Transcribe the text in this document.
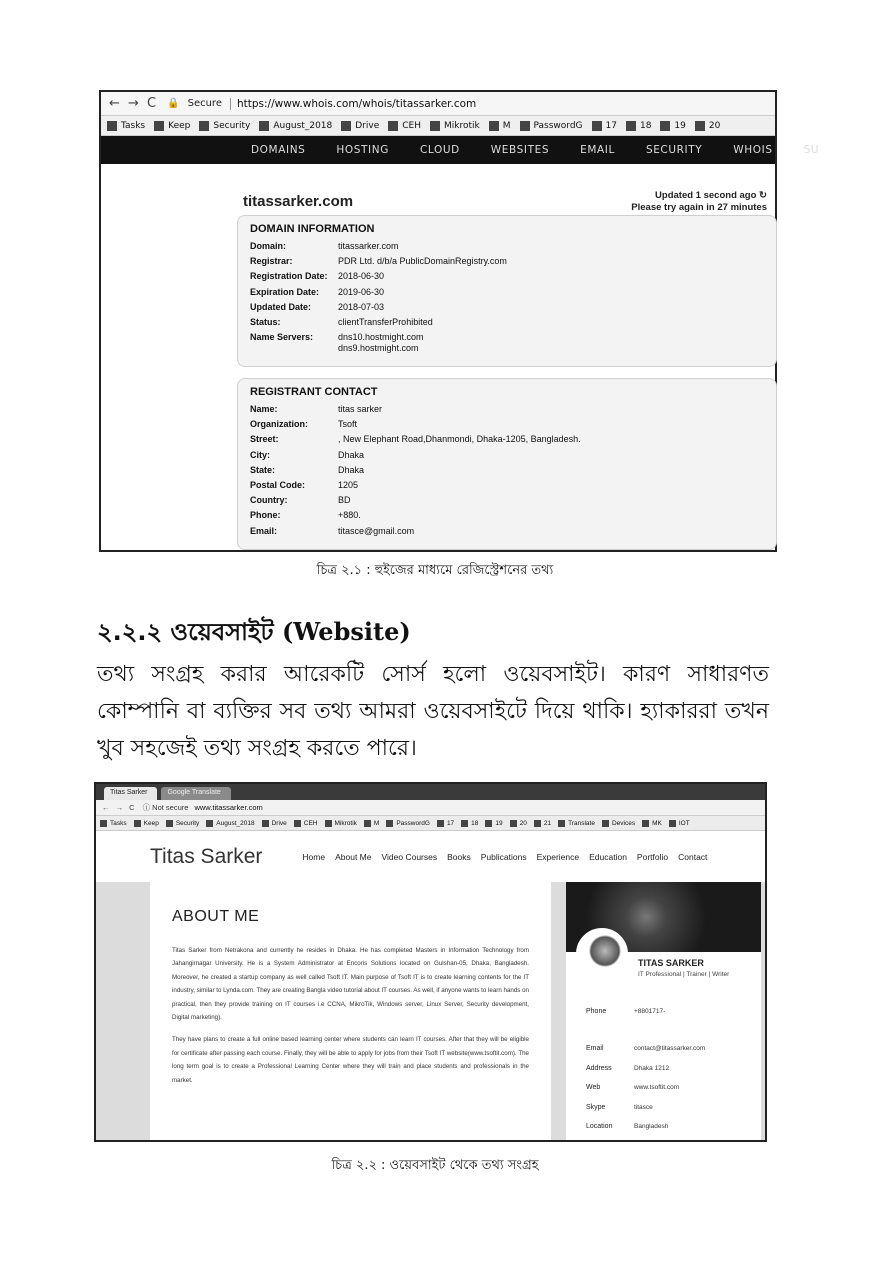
← → C 🔒 Secure	https://www.whois.com/whois/titassarker.com
Tasks	Keep	Security	August_2018	Drive	CEH	Mikrotik	M	PasswordG	17	18	19	20
DOMAINS	HOSTING	CLOUD	WEBSITES	EMAIL	SECURITY	WHOIS	SU
titassarker.com	Updated 1 second ago ↻
Please try again in 27 minutes
DOMAIN INFORMATION
Domain:	titassarker.com
Registrar:	PDR Ltd. d/b/a PublicDomainRegistry.com
Registration Date:	2018-06-30
Expiration Date:	2019-06-30
Updated Date:	2018-07-03
Status:	clientTransferProhibited
Name Servers:	dns10.hostmight.com
dns9.hostmight.com
REGISTRANT CONTACT
Name:	titas sarker
Organization:	Tsoft
Street:	, New Elephant Road,Dhanmondi, Dhaka-1205, Bangladesh.
City:	Dhaka
State:	Dhaka
Postal Code:	1205
Country:	BD
Phone:	+880.
Email:	titasce@gmail.com
চিত্র ২.১ : হুইজের মাধ্যমে রেজিস্ট্রেশনের তথ্য
২.২.২ ওয়েবসাইট (Website)
তথ্য সংগ্রহ করার আরেকটি সোর্স হলো ওয়েবসাইট। কারণ সাধারণত কোম্পানি বা ব্যক্তির সব তথ্য আমরা ওয়েবসাইটে দিয়ে থাকি। হ্যাকাররা তখন খুব সহজেই তথ্য সংগ্রহ করতে পারে।
Titas Sarker	Google Translate
← → C ⓘ Not secure www.titassarker.com
Tasks	Keep	Security	August_2018	Drive	CEH	Mikrotik	M	PasswordG	17	18	19	20	21	Translate	Devices	MK	IOT
Titas Sarker	Home About Me Video Courses Books Publications Experience Education Portfolio Contact
ABOUT ME

Titas Sarker from Netrakona and currently he resides in Dhaka. He has completed Masters in Information Technology from Jahangirnagar University. He is a System Administrator at Encoris Solutions located on Gulshan-05, Dhaka, Bangladesh. Moreover, he created a startup company as well called Tsoft IT. Main purpose of Tsoft IT is to create learning contents for the IT industry, similar to Lynda.com. They are creating Bangla video tutorial about IT courses. As well, if anyone wants to learn hands on practical, then they provide training on IT courses i.e CCNA, MikroTik, Windows server, Linux Server, Security development, Digital marketing).

They have plans to create a full online based learning center where students can learn IT courses. After that they will be eligible for certificate after passing each course. Finally, they will be able to apply for jobs from their Tsoft IT website(www.tsoftit.com). The long term goal is to create a Professional Learning Center where they will train and place students and professionals in the market.

TITAS SARKER
IT Professional | Trainer | Writer
Phone	+8801717-
Email	contact@titassarker.com
Address	Dhaka 1212
Web	www.tsoftit.com
Skype	titasce
Location	Bangladesh
চিত্র ২.২ : ওয়েবসাইট থেকে তথ্য সংগ্রহ
